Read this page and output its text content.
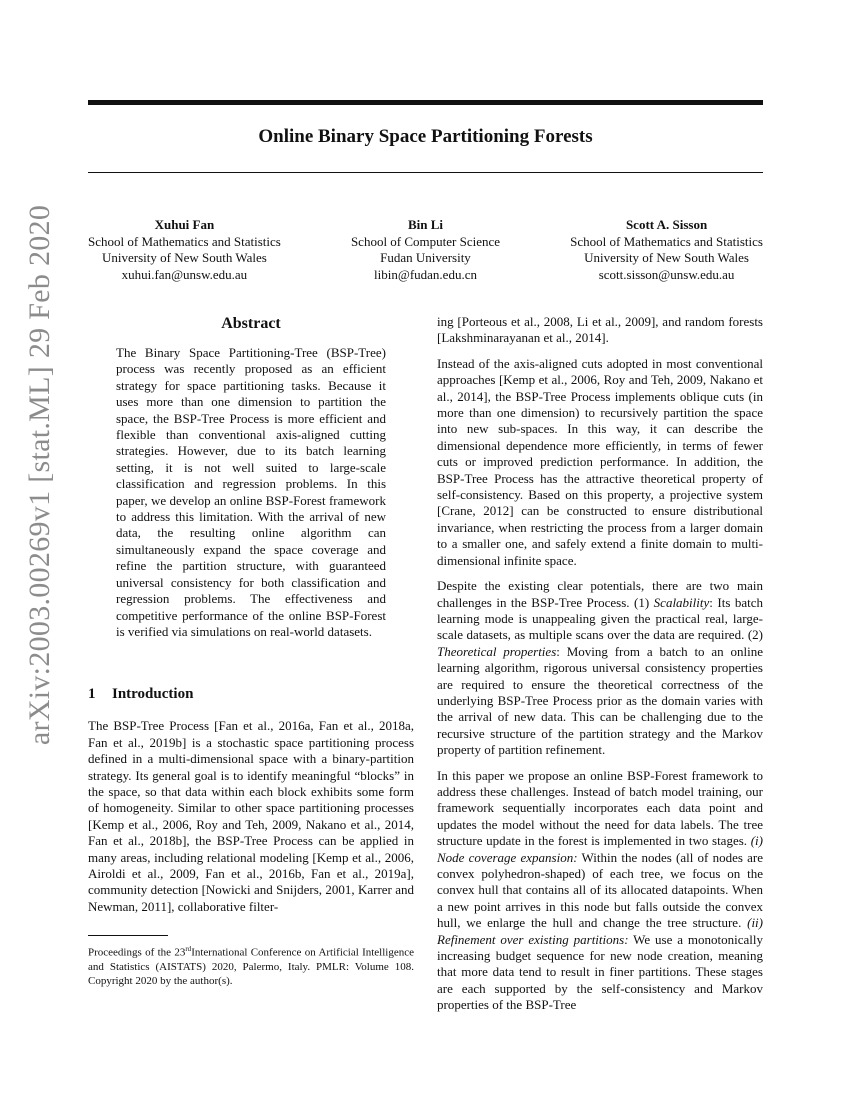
Online Binary Space Partitioning Forests
Xuhui Fan
School of Mathematics and Statistics
University of New South Wales
xuhui.fan@unsw.edu.au
Bin Li
School of Computer Science
Fudan University
libin@fudan.edu.cn
Scott A. Sisson
School of Mathematics and Statistics
University of New South Wales
scott.sisson@unsw.edu.au
arXiv:2003.00269v1 [stat.ML] 29 Feb 2020	Abstract
The Binary Space Partitioning-Tree (BSP-Tree) process was recently proposed as an efficient strategy for space partitioning tasks. Because it uses more than one dimension to partition the space, the BSP-Tree Process is more efficient and flexible than conventional axis-aligned cutting strategies. However, due to its batch learning setting, it is not well suited to large-scale classification and regression problems. In this paper, we develop an online BSP-Forest framework to address this limitation. With the arrival of new data, the resulting online algorithm can simultaneously expand the space coverage and refine the partition structure, with guaranteed universal consistency for both classification and regression problems. The effectiveness and competitive performance of the online BSP-Forest is verified via simulations on real-world datasets.
1 Introduction

The BSP-Tree Process [Fan et al., 2016a, Fan et al., 2018a, Fan et al., 2019b] is a stochastic space partitioning process defined in a multi-dimensional space with a binary-partition strategy. Its general goal is to identify meaningful “blocks” in the space, so that data within each block exhibits some form of homogeneity. Similar to other space partitioning processes [Kemp et al., 2006, Roy and Teh, 2009, Nakano et al., 2014, Fan et al., 2018b], the BSP-Tree Process can be applied in many areas, including relational modeling [Kemp et al., 2006, Airoldi et al., 2009, Fan et al., 2016b, Fan et al., 2019a], community detection [Nowicki and Snijders, 2001, Karrer and Newman, 2011], collaborative filter-

Proceedings of the 23rdInternational Conference on Artificial Intelligence and Statistics (AISTATS) 2020, Palermo, Italy. PMLR: Volume 108. Copyright 2020 by the author(s).

ing [Porteous et al., 2008, Li et al., 2009], and random forests [Lakshminarayanan et al., 2014].

Instead of the axis-aligned cuts adopted in most conventional approaches [Kemp et al., 2006, Roy and Teh, 2009, Nakano et al., 2014], the BSP-Tree Process implements oblique cuts (in more than one dimension) to recursively partition the space into new sub-spaces. In this way, it can describe the dimensional dependence more efficiently, in terms of fewer cuts or improved prediction performance. In addition, the BSP-Tree Process has the attractive theoretical property of self-consistency. Based on this property, a projective system [Crane, 2012] can be constructed to ensure distributional invariance, when restricting the process from a larger domain to a smaller one, and safely extend a finite domain to multi-dimensional infinite space.

Despite the existing clear potentials, there are two main challenges in the BSP-Tree Process. (1) Scalability: Its batch learning mode is unappealing given the practical real, large-scale datasets, as multiple scans over the data are required. (2) Theoretical properties: Moving from a batch to an online learning algorithm, rigorous universal consistency properties are required to ensure the theoretical correctness of the underlying BSP-Tree Process prior as the domain varies with the arrival of new data. This can be challenging due to the recursive structure of the partition strategy and the Markov property of partition refinement.

In this paper we propose an online BSP-Forest framework to address these challenges. Instead of batch model training, our framework sequentially incorporates each data point and updates the model without the need for data labels. The tree structure update in the forest is implemented in two stages. (i) Node coverage expansion: Within the nodes (all of nodes are convex polyhedron-shaped) of each tree, we focus on the convex hull that contains all of its allocated datapoints. When a new point arrives in this node but falls outside the convex hull, we enlarge the hull and change the tree structure. (ii) Refinement over existing partitions: We use a monotonically increasing budget sequence for new node creation, meaning that more data tend to result in finer partitions. These stages are each supported by the self-consistency and Markov properties of the BSP-Tree
